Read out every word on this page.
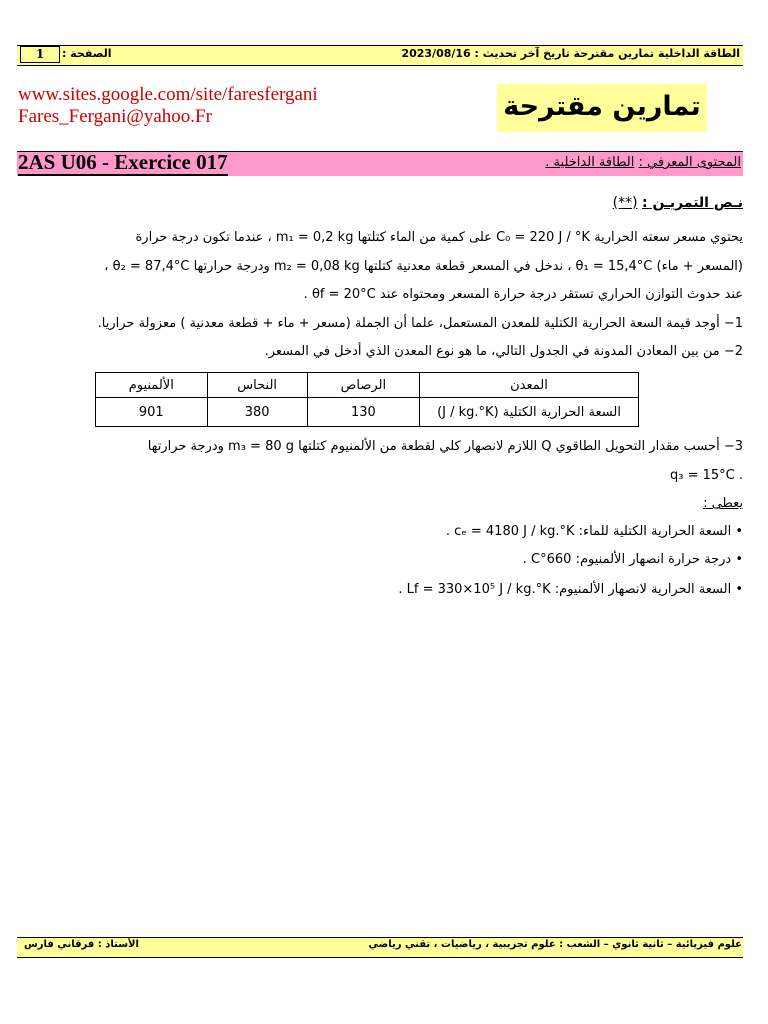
الطاقة الداخلية تمارين مقترحة تاريخ آخر تحديث : 2023/08/16
الصفحة :
1
www.sites.google.com/site/faresfergani
Fares_Fergani@yahoo.Fr	تمارين مقترحة
2AS U06 - Exercice 017	المحتوى المعرفي : الطاقة الداخلية .
نـص التمريـن : (**)
يحتوي مسعر سعته الحرارية C₀ = 220 J / °K على كمية من الماء كتلتها m₁ = 0,2 kg ، عندما تكون درجة حرارة
(المسعر + ماء) θ₁ = 15,4°C ، ندخل في المسعر قطعة معدنية كتلتها m₂ = 0,08 kg ودرجة حرارتها θ₂ = 87,4°C ،
عند حدوث التوازن الحراري تستقر درجة حرارة المسعر ومحتواه عند θf = 20°C .
1− أوجد قيمة السعة الحرارية الكتلية للمعدن المستعمل، علما أن الجملة (مسعر + ماء + قطعة معدنية ) معزولة حراريا.
2− من بين المعادن المدونة في الجدول التالي، ما هو نوع المعدن الذي أدخل في المسعر.
المعدن	الرصاص	النحاس	الألمنيوم
السعة الحرارية الكتلية (J / kg.°K)	130	380	901
3− أحسب مقدار التحويل الطاقوي Q اللازم لانصهار كلي لقطعة من الألمنيوم كتلتها m₃ = 80 g ودرجة حرارتها
. q₃ = 15°C
يعطى :
• السعة الحرارية الكتلية للماء: cₑ = 4180 J / kg.°K .
• درجة حرارة انصهار الألمنيوم: 660°C .
• السعة الحرارية لانصهار الألمنيوم: Lf = 330×10⁵ J / kg.°K .
علوم فيزيائية – ثانية ثانوي – الشعب : علوم تجريبية ، رياضيات ، تقني رياضي
الأستاذ : فرقاني فارس
